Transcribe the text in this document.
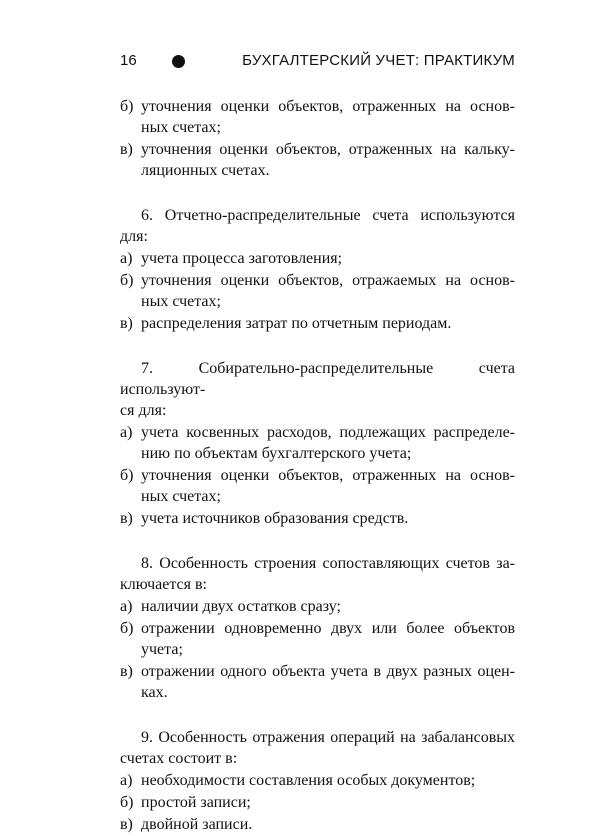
16	БУХГАЛТЕРСКИЙ УЧЕТ: ПРАКТИКУМ
б) уточнения оценки объектов, отраженных на основ-
ных счетах;
в) уточнения оценки объектов, отраженных на кальку-
ляционных счетах.
6. Отчетно-распределительные счета используются
для:
а) учета процесса заготовления;
б) уточнения оценки объектов, отражаемых на основ-
ных счетах;
в) распределения затрат по отчетным периодам.
7. Собирательно-распределительные счета используют-
ся для:
а) учета косвенных расходов, подлежащих распределе-
нию по объектам бухгалтерского учета;
б) уточнения оценки объектов, отраженных на основ-
ных счетах;
в) учета источников образования средств.
8. Особенность строения сопоставляющих счетов за-
ключается в:
а) наличии двух остатков сразу;
б) отражении одновременно двух или более объектов
учета;
в) отражении одного объекта учета в двух разных оцен-
ках.
9. Особенность отражения операций на забалансовых
счетах состоит в:
а) необходимости составления особых документов;
б) простой записи;
в) двойной записи.
